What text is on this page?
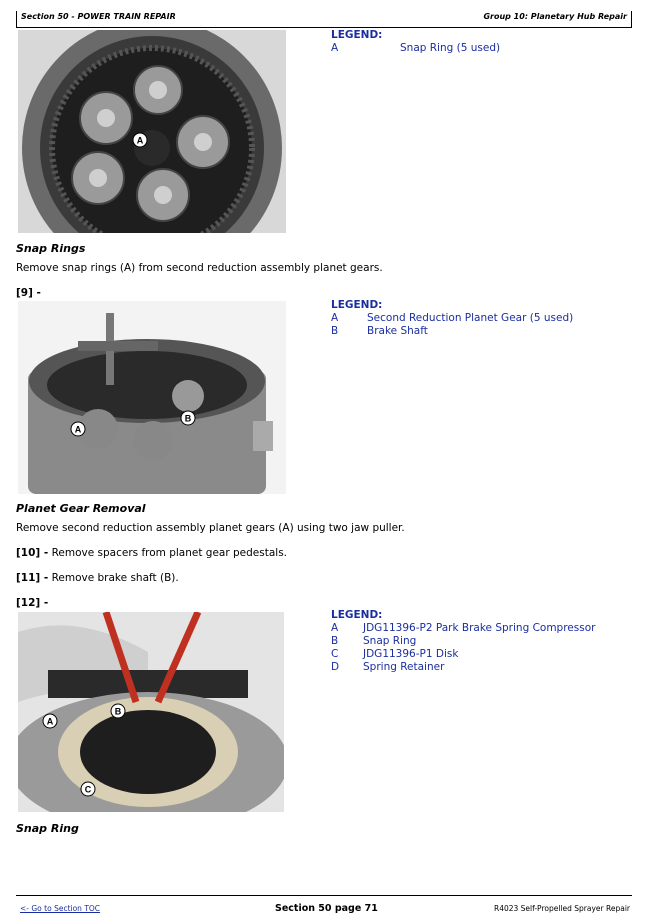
Section 50 - POWER TRAIN REPAIR	Group 10: Planetary Hub Repair
A
LEGEND:
A	Snap Ring (5 used)
Snap Rings
Remove snap rings (A) from second reduction assembly planet gears.
[9] -
A
B
LEGEND:
A	Second Reduction Planet Gear (5 used)
B	Brake Shaft
Planet Gear Removal
Remove second reduction assembly planet gears (A) using two jaw puller.
[10] - Remove spacers from planet gear pedestals.
[11] - Remove brake shaft (B).
[12] -
A
B
C
LEGEND:
A	JDG11396-P2 Park Brake Spring Compressor
B	Snap Ring
C	JDG11396-P1 Disk
D	Spring Retainer
Snap Ring
<- Go to Section TOC	Section 50 page 71	R4023 Self-Propelled Sprayer Repair
